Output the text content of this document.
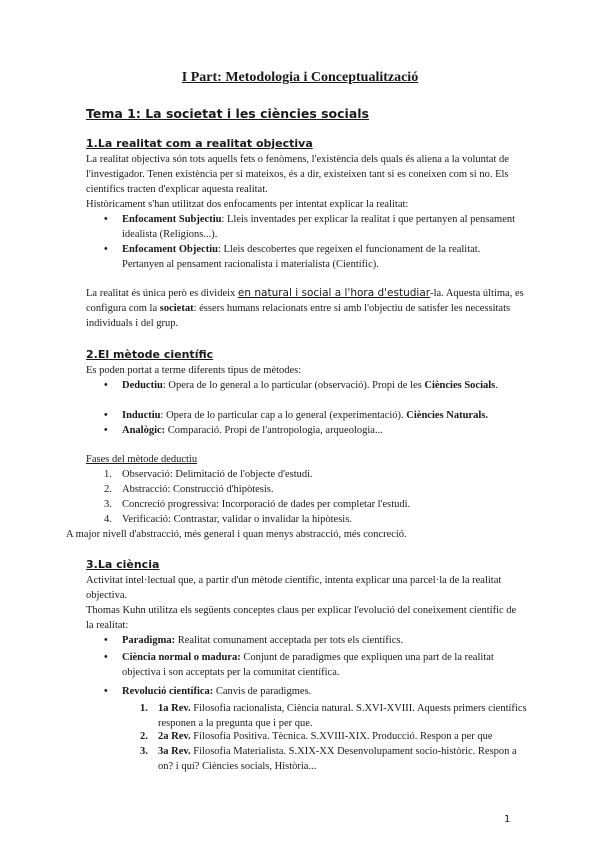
I Part: Metodologia i Conceptualització
Tema 1: La societat i les ciències socials
1.La realitat com a realitat objectiva
La realitat objectiva són tots aquells fets o fenòmens, l'existència dels quals és aliena a la voluntat de l'investigador. Tenen existència per si mateixos, és a dir, existeixen tant si es coneixen com si no. Els científics tracten d'explicar aquesta realitat.
Històricament s'han utilitzat dos enfocaments per intentat explicar la realitat:
• Enfocament Subjectiu: Lleis inventades per explicar la realitat i que pertanyen al pensament idealista (Religions...).
• Enfocament Objectiu: Lleis descobertes que regeixen el funcionament de la realitat. Pertanyen al pensament racionalista i materialista (Científic).
La realitat és única però es divideix en natural i social a l'hora d'estudiar-la. Aquesta última, es configura com la societat: éssers humans relacionats entre si amb l'objectiu de satisfer les necessitats individuals i del grup.
2.El mètode científic
Es poden portat a terme diferents tipus de mètodes:
• Deductiu: Opera de lo general a lo particular (observació). Propi de les Ciències Socials.
• Inductiu: Opera de lo particular cap a lo general (experimentació). Ciències Naturals.
• Analògic: Comparació. Propi de l'antropologia, arqueologia...
Fases del mètode deductiu
1. Observació: Delimitació de l'objecte d'estudi.
2. Abstracció: Construcció d'hipòtesis.
3. Concreció progressiva: Incorporació de dades per completar l'estudi.
4. Verificació: Contrastar, validar o invalidar la hipòtesis.
A major nivell d'abstracció, més general i quan menys abstracció, més concreció.
3.La ciència
Activitat intel·lectual que, a partir d'un mètode científic, intenta explicar una parcel·la de la realitat objectiva.
Thomas Kuhn utilitza els següents conceptes claus per explicar l'evolució del coneixement científic de la realitat:
• Paradigma: Realitat comunament acceptada per tots els científics.
• Ciència normal o madura: Conjunt de paradigmes que expliquen una part de la realitat objectiva i son acceptats per la comunitat científica.
• Revolució científica: Canvis de paradigmes.
1. 1a Rev. Filosofia racionalista, Ciència natural. S.XVI-XVIII. Aquests primers científics responen a la pregunta que i per que.
2. 2a Rev. Filosofia Positiva. Tècnica. S.XVIII-XIX. Producció. Respon a per que
3. 3a Rev. Filosofia Materialista. S.XIX-XX Desenvolupament socio-històric. Respon a on? i quí? Ciències socials, Història...
1
